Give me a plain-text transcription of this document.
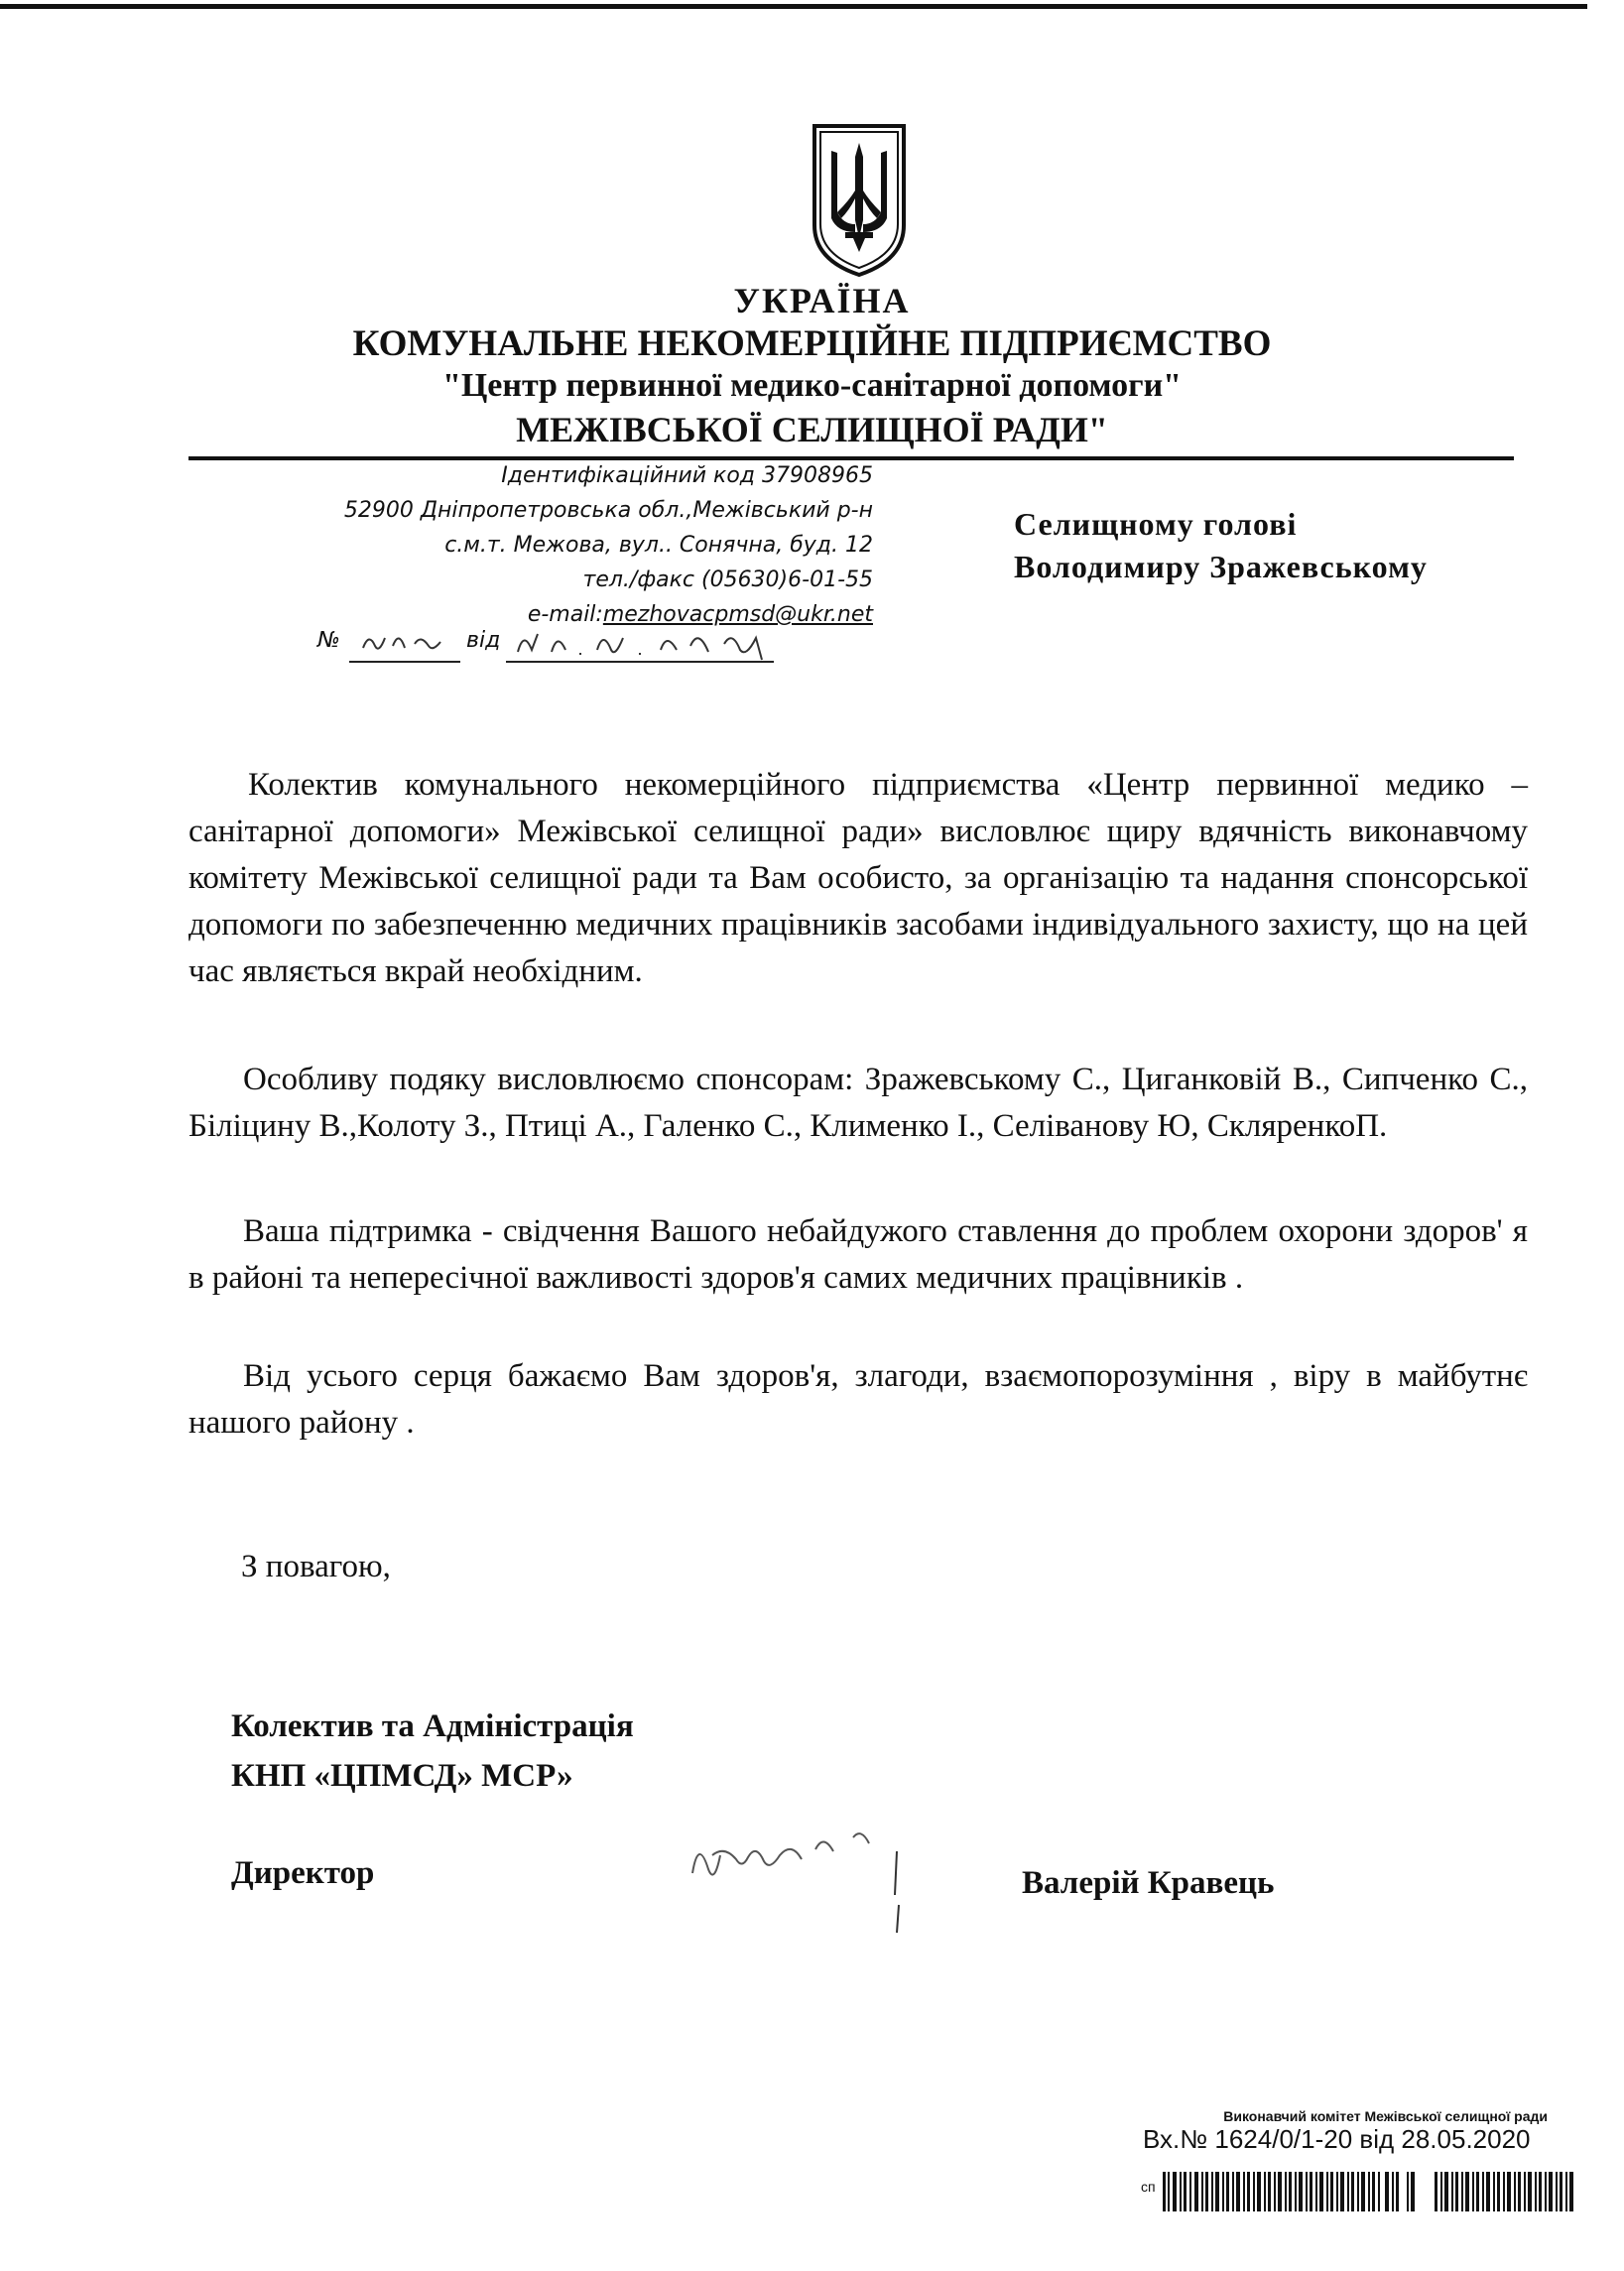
УКРАЇНА
КОМУНАЛЬНЕ НЕКОМЕРЦІЙНЕ ПІДПРИЄМСТВО
"Центр первинної медико-санітарної допомоги"
МЕЖІВСЬКОЇ СЕЛИЩНОЇ РАДИ"
Ідентифікаційний код 37908965
52900 Дніпропетровська обл.,Межівський р-н
с.м.т. Межова, вул.. Сонячна, буд. 12
тел./факс (05630)6-01-55
e-mail:mezhovacpmsd@ukr.net
№	від
Селищному голові
Володимиру Зражевському
Колектив комунального некомерційного підприємства «Центр первинної медико – санітарної допомоги» Межівської селищної ради» висловлює щиру вдячність виконавчому комітету Межівської селищної ради та Вам особисто, за організацію та надання спонсорської допомоги по забезпеченню медичних працівників засобами індивідуального захисту, що на цей час являється вкрай необхідним.
Особливу подяку висловлюємо спонсорам: Зражевському С., Циганковій В., Сипченко С., Біліцину В.,Колоту З., Птиці А., Галенко С., Клименко І., Селіванову Ю, СкляренкоП.
Ваша підтримка - свідчення Вашого небайдужого ставлення до проблем охорони здоров' я в районі та непересічної важливості здоров'я самих медичних працівників .
Від усього серця бажаємо Вам здоров'я, злагоди, взаємопорозуміння , віру в майбутнє нашого району .
З повагою,
Колектив та Адміністрація
КНП «ЦПМСД» МСР»
Директор	Валерій Кравець
Виконавчий комітет Межівської селищної ради
Вх.№ 1624/0/1-20 від 28.05.2020
сп
